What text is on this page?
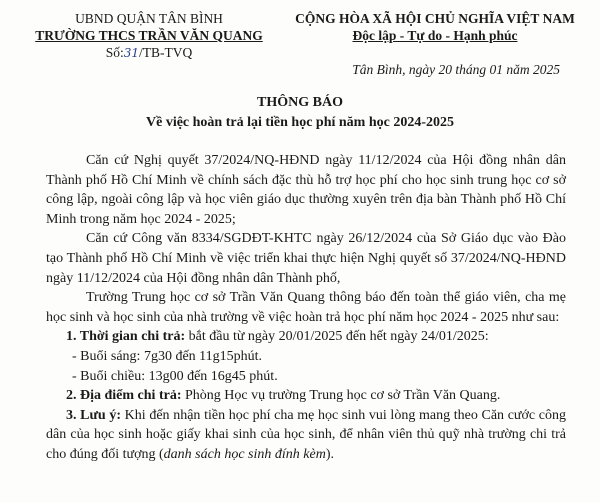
UBND QUẬN TÂN BÌNH
TRƯỜNG THCS TRẦN VĂN QUANG
Số:31/TB-TVQ
CỘNG HÒA XÃ HỘI CHỦ NGHĨA VIỆT NAM
Độc lập - Tự do - Hạnh phúc
Tân Bình, ngày 20 tháng 01 năm 2025
THÔNG BÁO
Về việc hoàn trả lại tiền học phí năm học 2024-2025

Căn cứ Nghị quyết 37/2024/NQ-HĐND ngày 11/12/2024 của Hội đồng nhân dân Thành phố Hồ Chí Minh về chính sách đặc thù hỗ trợ học phí cho học sinh trung học cơ sở công lập, ngoài công lập và học viên giáo dục thường xuyên trên địa bàn Thành phố Hồ Chí Minh trong năm học 2024 - 2025;

Căn cứ Công văn 8334/SGDĐT-KHTC ngày 26/12/2024 của Sở Giáo dục vào Đào tạo Thành phố Hồ Chí Minh về việc triển khai thực hiện Nghị quyết số 37/2024/NQ-HĐND ngày 11/12/2024 của Hội đồng nhân dân Thành phố,

Trường Trung học cơ sở Trần Văn Quang thông báo đến toàn thể giáo viên, cha mẹ học sinh và học sinh của nhà trường về việc hoàn trả học phí năm học 2024 - 2025 như sau:

1. Thời gian chi trả: bắt đầu từ ngày 20/01/2025 đến hết ngày 24/01/2025:

- Buổi sáng: 7g30 đến 11g15phút.

- Buổi chiều: 13g00 đến 16g45 phút.

2. Địa điểm chi trả: Phòng Học vụ trường Trung học cơ sở Trần Văn Quang.

3. Lưu ý: Khi đến nhận tiền học phí cha mẹ học sinh vui lòng mang theo Căn cước công dân của học sinh hoặc giấy khai sinh của học sinh, để nhân viên thủ quỹ nhà trường chi trả cho đúng đối tượng (danh sách học sinh đính kèm).
